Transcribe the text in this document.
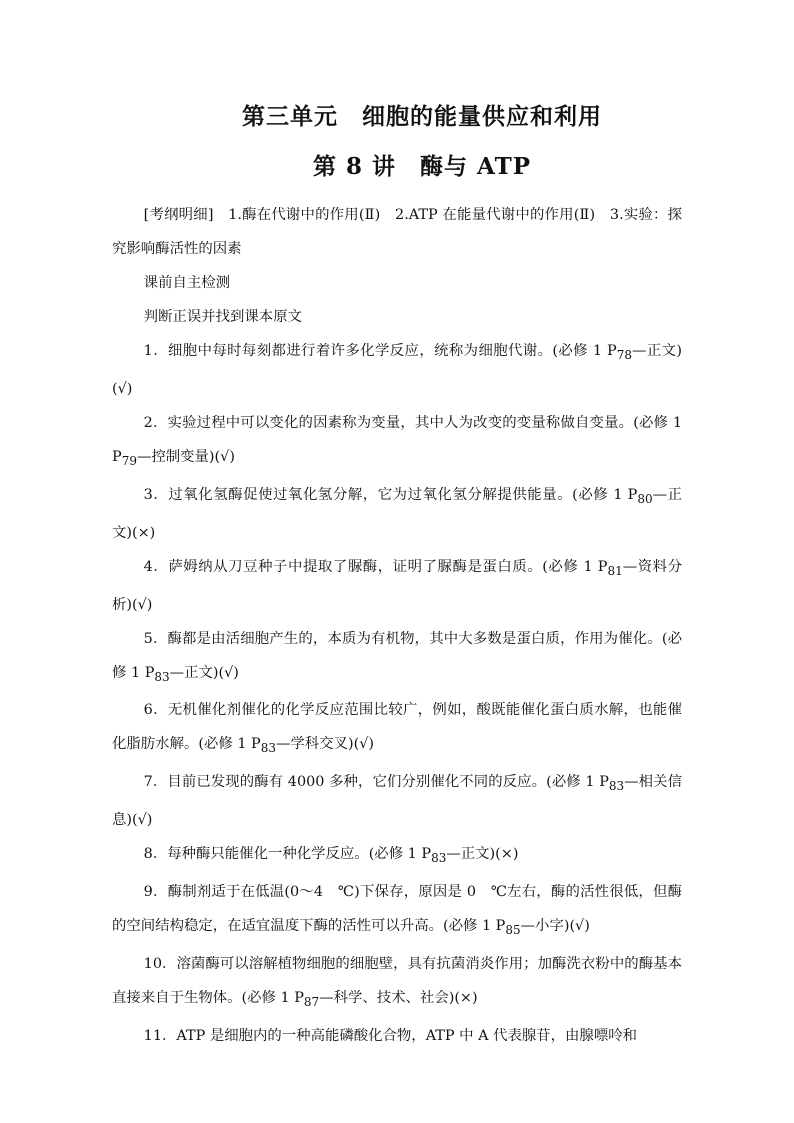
第三单元　细胞的能量供应和利用
第 8 讲　酶与 ATP

[考纲明细]　1.酶在代谢中的作用(Ⅱ)　2.ATP 在能量代谢中的作用(Ⅱ)　3.实验：探究影响酶活性的因素

课前自主检测

判断正误并找到课本原文

1．细胞中每时每刻都进行着许多化学反应，统称为细胞代谢。(必修 1 $P_{78}—$正文)(√)

2．实验过程中可以变化的因素称为变量，其中人为改变的变量称做自变量。(必修 1 $P_{79}—$控制变量)(√)

3．过氧化氢酶促使过氧化氢分解，它为过氧化氢分解提供能量。(必修 1 $P_{80}—$正文)(×)

4．萨姆纳从刀豆种子中提取了脲酶，证明了脲酶是蛋白质。(必修 1 $P_{81}—$资料分析)(√)

5．酶都是由活细胞产生的，本质为有机物，其中大多数是蛋白质，作用为催化。(必修 1 $P_{83}—$正文)(√)

6．无机催化剂催化的化学反应范围比较广，例如，酸既能催化蛋白质水解，也能催化脂肪水解。(必修 1 $P_{83}—$学科交叉)(√)

7．目前已发现的酶有 4000 多种，它们分别催化不同的反应。(必修 1 $P_{83}—$相关信息)(√)

8．每种酶只能催化一种化学反应。(必修 1 $P_{83}—$正文)(×)

9．酶制剂适于在低温(0～4　℃)下保存，原因是 0　℃左右，酶的活性很低，但酶的空间结构稳定，在适宜温度下酶的活性可以升高。(必修 1 $P_{85}—$小字)(√)

10．溶菌酶可以溶解植物细胞的细胞壁，具有抗菌消炎作用；加酶洗衣粉中的酶基本直接来自于生物体。(必修 1 $P_{87}—$科学、技术、社会)(×)

11．ATP 是细胞内的一种高能磷酸化合物，ATP 中 A 代表腺苷，由腺嘌呤和
